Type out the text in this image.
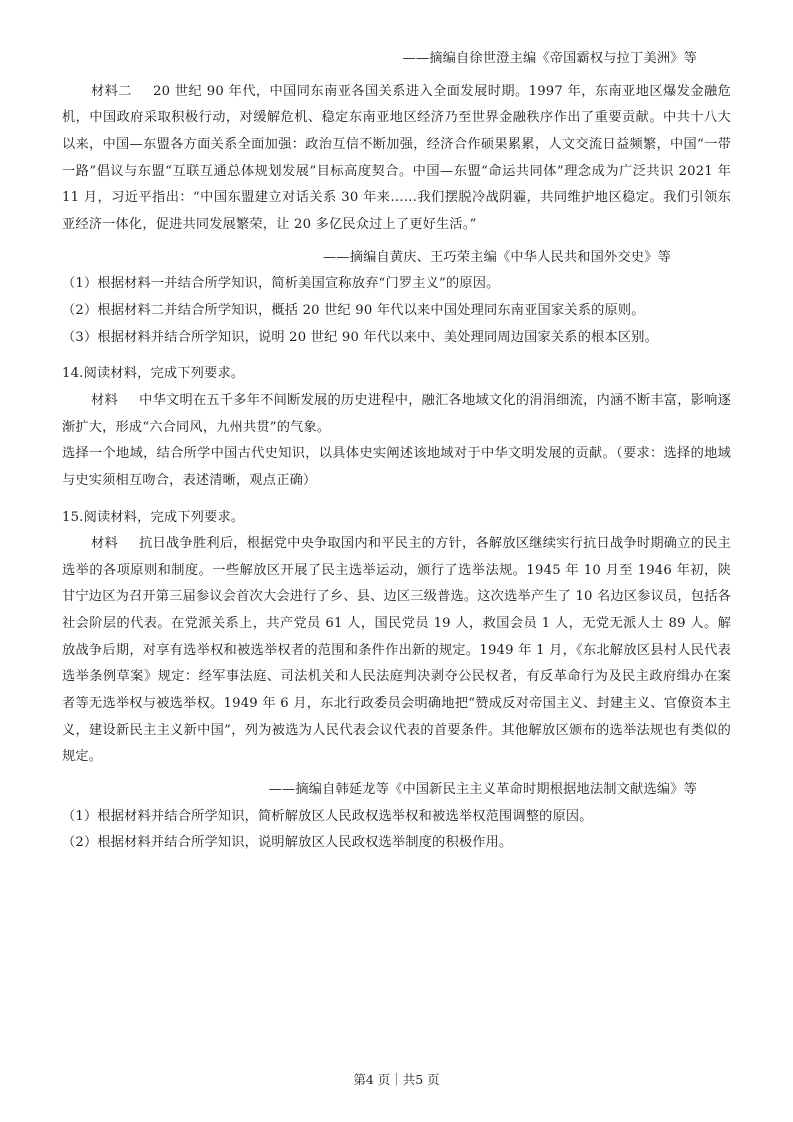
——摘编自徐世澄主编《帝国霸权与拉丁美洲》等

材料二 20 世纪 90 年代，中国同东南亚各国关系进入全面发展时期。1997 年，东南亚地区爆发金融危机，中国政府采取积极行动，对缓解危机、稳定东南亚地区经济乃至世界金融秩序作出了重要贡献。中共十八大以来，中国—东盟各方面关系全面加强：政治互信不断加强，经济合作硕果累累，人文交流日益频繁，中国“一带一路”倡议与东盟“互联互通总体规划发展”目标高度契合。中国—东盟“命运共同体”理念成为广泛共识 2021 年 11 月，习近平指出：“中国东盟建立对话关系 30 年来……我们摆脱冷战阴霾，共同维护地区稳定。我们引领东亚经济一体化，促进共同发展繁荣，让 20 多亿民众过上了更好生活。”

——摘编自黄庆、王巧荣主编《中华人民共和国外交史》等

（1）根据材料一并结合所学知识，简析美国宣称放弃“门罗主义”的原因。

（2）根据材料二并结合所学知识，概括 20 世纪 90 年代以来中国处理同东南亚国家关系的原则。

（3）根据材料并结合所学知识，说明 20 世纪 90 年代以来中、美处理同周边国家关系的根本区别。

14.阅读材料，完成下列要求。

材料 中华文明在五千多年不间断发展的历史进程中，融汇各地域文化的涓涓细流，内涵不断丰富，影响逐渐扩大，形成“六合同风，九州共贯”的气象。

选择一个地域，结合所学中国古代史知识，以具体史实阐述该地域对于中华文明发展的贡献。（要求：选择的地域与史实须相互吻合，表述清晰，观点正确）

15.阅读材料，完成下列要求。

材料 抗日战争胜利后，根据党中央争取国内和平民主的方针，各解放区继续实行抗日战争时期确立的民主选举的各项原则和制度。一些解放区开展了民主选举运动，颁行了选举法规。1945 年 10 月至 1946 年初，陕甘宁边区为召开第三届参议会首次大会进行了乡、县、边区三级普选。这次选举产生了 10 名边区参议员，包括各社会阶层的代表。在党派关系上，共产党员 61 人，国民党员 19 人，救国会员 1 人，无党无派人士 89 人。解放战争后期，对享有选举权和被选举权者的范围和条件作出新的规定。1949 年 1 月，《东北解放区县村人民代表选举条例草案》规定：经军事法庭、司法机关和人民法庭判决剥夺公民权者，有反革命行为及民主政府缉办在案者等无选举权与被选举权。1949 年 6 月，东北行政委员会明确地把“赞成反对帝国主义、封建主义、官僚资本主义，建设新民主主义新中国”，列为被选为人民代表会议代表的首要条件。其他解放区颁布的选举法规也有类似的规定。

——摘编自韩延龙等《中国新民主主义革命时期根据地法制文献选编》等

（1）根据材料并结合所学知识，简析解放区人民政权选举权和被选举权范围调整的原因。

（2）根据材料并结合所学知识，说明解放区人民政权选举制度的积极作用。

第4 页｜共5 页
